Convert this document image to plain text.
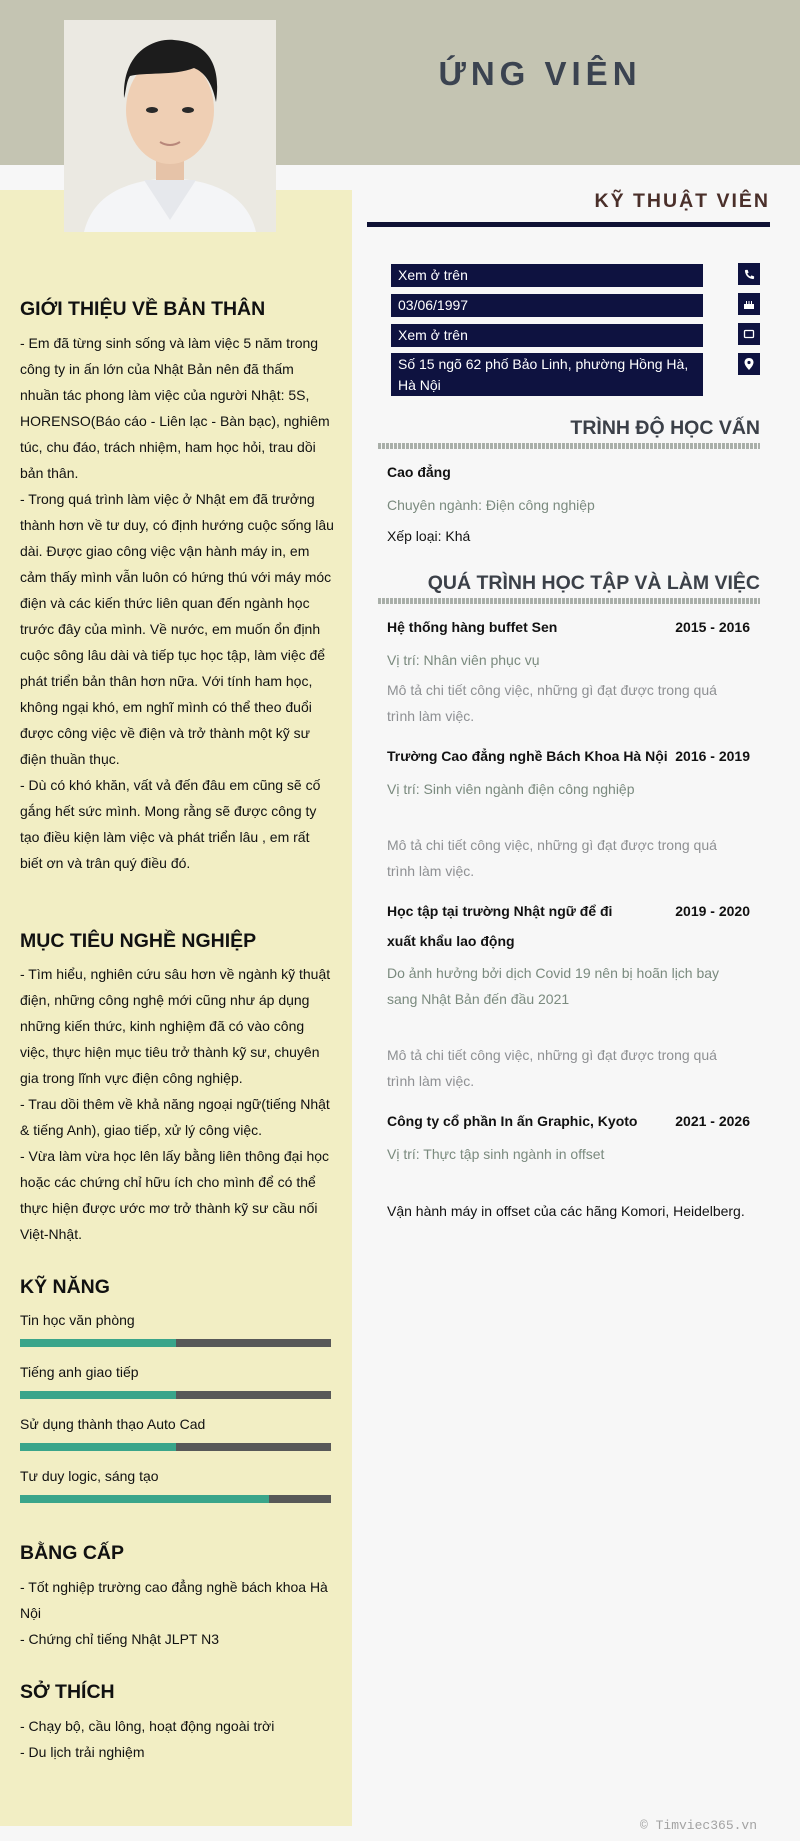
ỨNG VIÊN
KỸ THUẬT VIÊN
Xem ở trên
03/06/1997
Xem ở trên
Số 15 ngõ 62 phố Bảo Linh, phường Hồng Hà, Hà Nội
GIỚI THIỆU VỀ BẢN THÂN
- Em đã từng sinh sống và làm việc 5 năm trong công ty in ấn lớn của Nhật Bản nên đã thấm nhuần tác phong làm việc của người Nhật: 5S, HORENSO(Báo cáo - Liên lạc - Bàn bạc), nghiêm túc, chu đáo, trách nhiệm, ham học hỏi, trau dồi bản thân.
- Trong quá trình làm việc ở Nhật em đã trưởng thành hơn về tư duy, có định hướng cuộc sống lâu dài. Được giao công việc vận hành máy in, em cảm thấy mình vẫn luôn có hứng thú với máy móc điện và các kiến thức liên quan đến ngành học trước đây của mình. Về nước, em muốn ổn định cuộc sông lâu dài và tiếp tục học tập, làm việc để phát triển bản thân hơn nữa. Với tính ham học, không ngại khó, em nghĩ mình có thể theo đuổi được công việc về điện và trở thành một kỹ sư điện thuần thục.
- Dù có khó khăn, vất vả đến đâu em cũng sẽ cố gắng hết sức mình. Mong rằng sẽ được công ty tạo điều kiện làm việc và phát triển lâu , em rất biết ơn và trân quý điều đó.
MỤC TIÊU NGHỀ NGHIỆP
- Tìm hiểu, nghiên cứu sâu hơn về ngành kỹ thuật điện, những công nghệ mới cũng như áp dụng những kiến thức, kinh nghiệm đã có vào công việc, thực hiện mục tiêu trở thành kỹ sư, chuyên gia trong lĩnh vực điện công nghiệp.
- Trau dồi thêm về khả năng ngoại ngữ(tiếng Nhật & tiếng Anh), giao tiếp, xử lý công việc.
- Vừa làm vừa học lên lấy bằng liên thông đại học hoặc các chứng chỉ hữu ích cho mình để có thể thực hiện được ước mơ trở thành kỹ sư cầu nối Việt-Nhật.
KỸ NĂNG
Tin học văn phòng
Tiếng anh giao tiếp
Sử dụng thành thạo Auto Cad
Tư duy logic, sáng tạo
BẰNG CẤP
- Tốt nghiệp trường cao đẳng nghề bách khoa Hà Nội
- Chứng chỉ tiếng Nhật JLPT N3
SỞ THÍCH
- Chạy bộ, cầu lông, hoạt động ngoài trời
- Du lịch trải nghiệm
TRÌNH ĐỘ HỌC VẤN
Cao đẳng
Chuyên ngành: Điện công nghiệp
Xếp loại: Khá
QUÁ TRÌNH HỌC TẬP VÀ LÀM VIỆC
Hệ thống hàng buffet Sen	2015 - 2016
Vị trí: Nhân viên phục vụ
Mô tả chi tiết công việc, những gì đạt được trong quá trình làm việc.
Trường Cao đẳng nghề Bách Khoa Hà Nội 2016 - 2019
Vị trí: Sinh viên ngành điện công nghiệp
Mô tả chi tiết công việc, những gì đạt được trong quá trình làm việc.
Học tập tại trường Nhật ngữ để đi	2019 - 2020
xuất khẩu lao động
Do ảnh hưởng bởi dịch Covid 19 nên bị hoãn lịch bay sang Nhật Bản đến đầu 2021
Mô tả chi tiết công việc, những gì đạt được trong quá trình làm việc.
Công ty cổ phần In ấn Graphic, Kyoto	2021 - 2026
Vị trí: Thực tập sinh ngành in offset
Vận hành máy in offset của các hãng Komori, Heidelberg.
© Timviec365.vn
